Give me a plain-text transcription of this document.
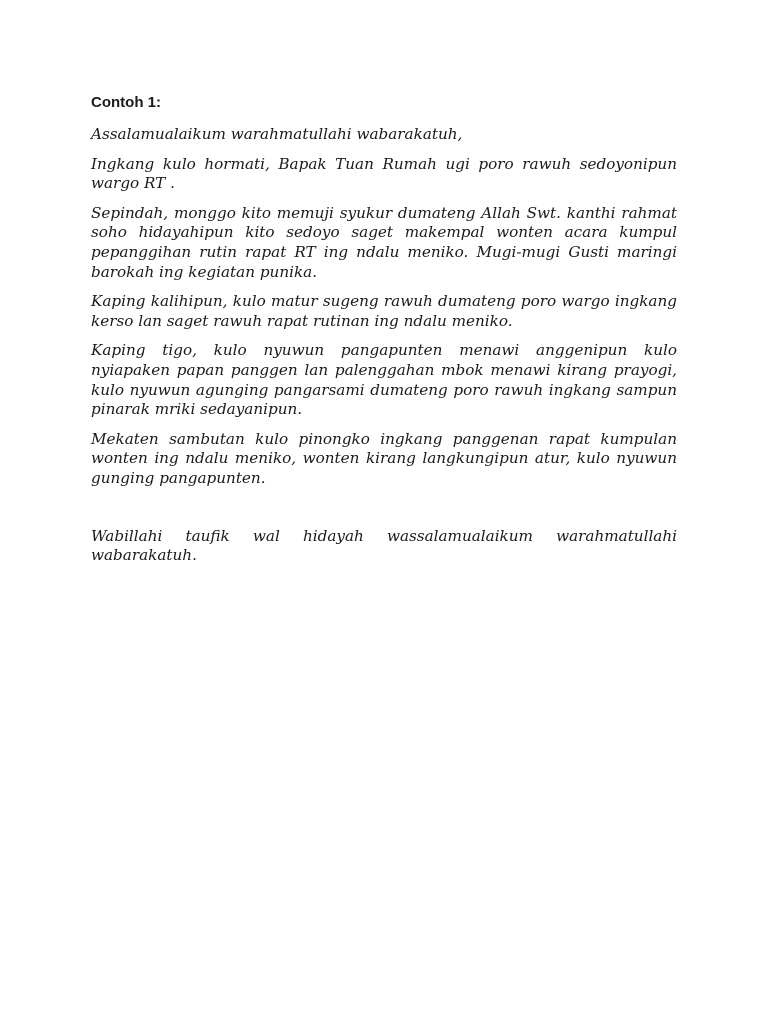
Contoh 1:

Assalamualaikum warahmatullahi wabarakatuh,

Ingkang kulo hormati, Bapak Tuan Rumah ugi poro rawuh sedoyonipun wargo RT .

Sepindah, monggo kito memuji syukur dumateng Allah Swt. kanthi rahmat soho hidayahipun kito sedoyo saget makempal wonten acara kumpul pepanggihan rutin rapat RT ing ndalu meniko. Mugi-mugi Gusti maringi barokah ing kegiatan punika.

Kaping kalihipun, kulo matur sugeng rawuh dumateng poro wargo ingkang kerso lan saget rawuh rapat rutinan ing ndalu meniko.

Kaping tigo, kulo nyuwun pangapunten menawi anggenipun kulo nyiapaken papan panggen lan palenggahan mbok menawi kirang prayogi, kulo nyuwun agunging pangarsami dumateng poro rawuh ingkang sampun pinarak mriki sedayanipun.

Mekaten sambutan kulo pinongko ingkang panggenan rapat kumpulan wonten ing ndalu meniko, wonten kirang langkungipun atur, kulo nyuwun gunging pangapunten.

Wabillahi taufik wal hidayah wassalamualaikum warahmatullahi wabarakatuh.
